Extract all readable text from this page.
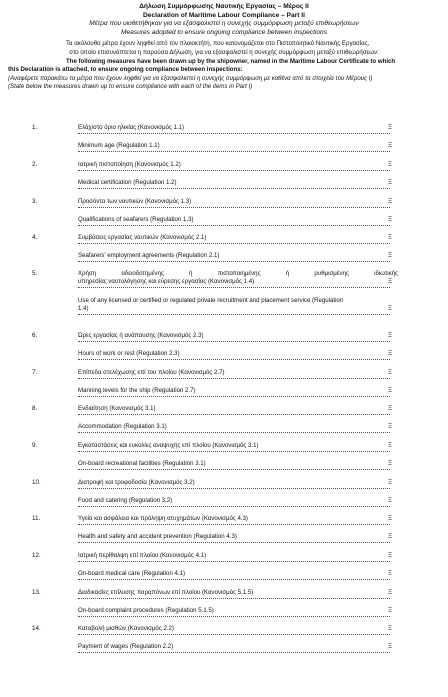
Δήλωση Συμμόρφωσης Ναυτικής Εργασίας – Μέρος ΙΙ
Declaration of Maritime Labour Compliance – Part II
Μέτρα που υιοθετήθηκαν για να εξασφαλιστεί η συνεχής συμμόρφωση μεταξύ επιθεωρήσεων
Measures adopted to ensure ongoing compliance between inspections

Τα ακόλουθα μέτρα έχουν ληφθεί από τον πλοιοκτήτη, που κατονομάζεται στο Πιστοποιητικό Ναυτικής Εργασίας,

στο οποίο επισυνάπτεται η παρούσα Δήλωση, για να εξασφαλιστεί η συνεχής συμμόρφωση μεταξύ επιθεωρήσεων:

The following measures have been drawn up by the shipowner, named in the Maritime Labour Certificate to which

this Declaration is attached, to ensure ongoing compliance between inspections:

(Αναφέρετε παρακάτω τα μέτρα που έχουν ληφθεί για να εξασφαλιστεί η συνεχής συμμόρφωση με καθένα από τα στοιχεία του Μέρους Ι)

(State below the measures drawn up to ensure compliance with each of the items in Part I)

1.	Ελάχιστο όριο ηλικίας (Κανονισμός 1.1)	Ξ
Minimum age (Regulation 1.1)	Ξ
2.	Ιατρική πιστοποίηση (Κανονισμός 1.2)	Ξ
Medical certification (Regulation 1.2)	Ξ
3.	Προσόντα των ναυτικών (Κανονισμός 1.3)	Ξ
Qualifications of seafarers (Regulation 1.3)	Ξ
4.	Συμβάσεις εργασίας ναυτικών (Κανονισμός 2.1)	Ξ
Seafarers' employment agreements (Regulation 2.1)	Ξ
5.	Χρήση αδειοδοτημένης ή πιστοποιημένης ή ρυθμισμένης ιδιωτικής
υπηρεσίας ναυτολόγησης και εύρεσης εργασίας (Κανονισμός 1.4)	Ξ
Use of any licensed or certified or regulated private recruitment and placement service (Regulation
1.4)	Ξ
6.	Ώρες εργασίας ή ανάπαυσης (Κανονισμός 2.3)	Ξ
Hours of work or rest (Regulation 2.3)	Ξ
7.	Επίπεδα στελέχωσης επί του πλοίου (Κανονισμός 2.7)	Ξ
Manning levels for the ship (Regulation 2.7)	Ξ
8.	Ενδιαίτηση (Κανονισμός 3.1)	Ξ
Accommodation (Regulation 3.1)	Ξ
9.	Εγκαταστάσεις και ευκολίες αναψυχής επί πλοίου (Κανονισμός 3.1)	Ξ
On-board recreational facilities (Regulation 3.1)	Ξ
10.	Διατροφή και τροφοδοσία (Κανονισμός 3.2)	Ξ
Food and catering (Regulation 3.2)	Ξ
11.	Υγεία και ασφάλεια και πρόληψη ατυχημάτων (Κανονισμός 4.3)	Ξ
Health and safety and accident prevention (Regulation 4.3)	Ξ
12.	Ιατρική περίθαλψη επί πλοίου (Κανονισμός 4.1)	Ξ
On-board medical care (Regulation 4.1)	Ξ
13.	Διαδικασίες επίλυσης παραπόνων επί πλοίου (Κανονισμός 5.1.5)	Ξ
On-board complaint procedures (Regulation 5.1.5)	Ξ
14.	Καταβολή μισθών (Κανονισμός 2.2)	Ξ
Payment of wages (Regulation 2.2)	Ξ
